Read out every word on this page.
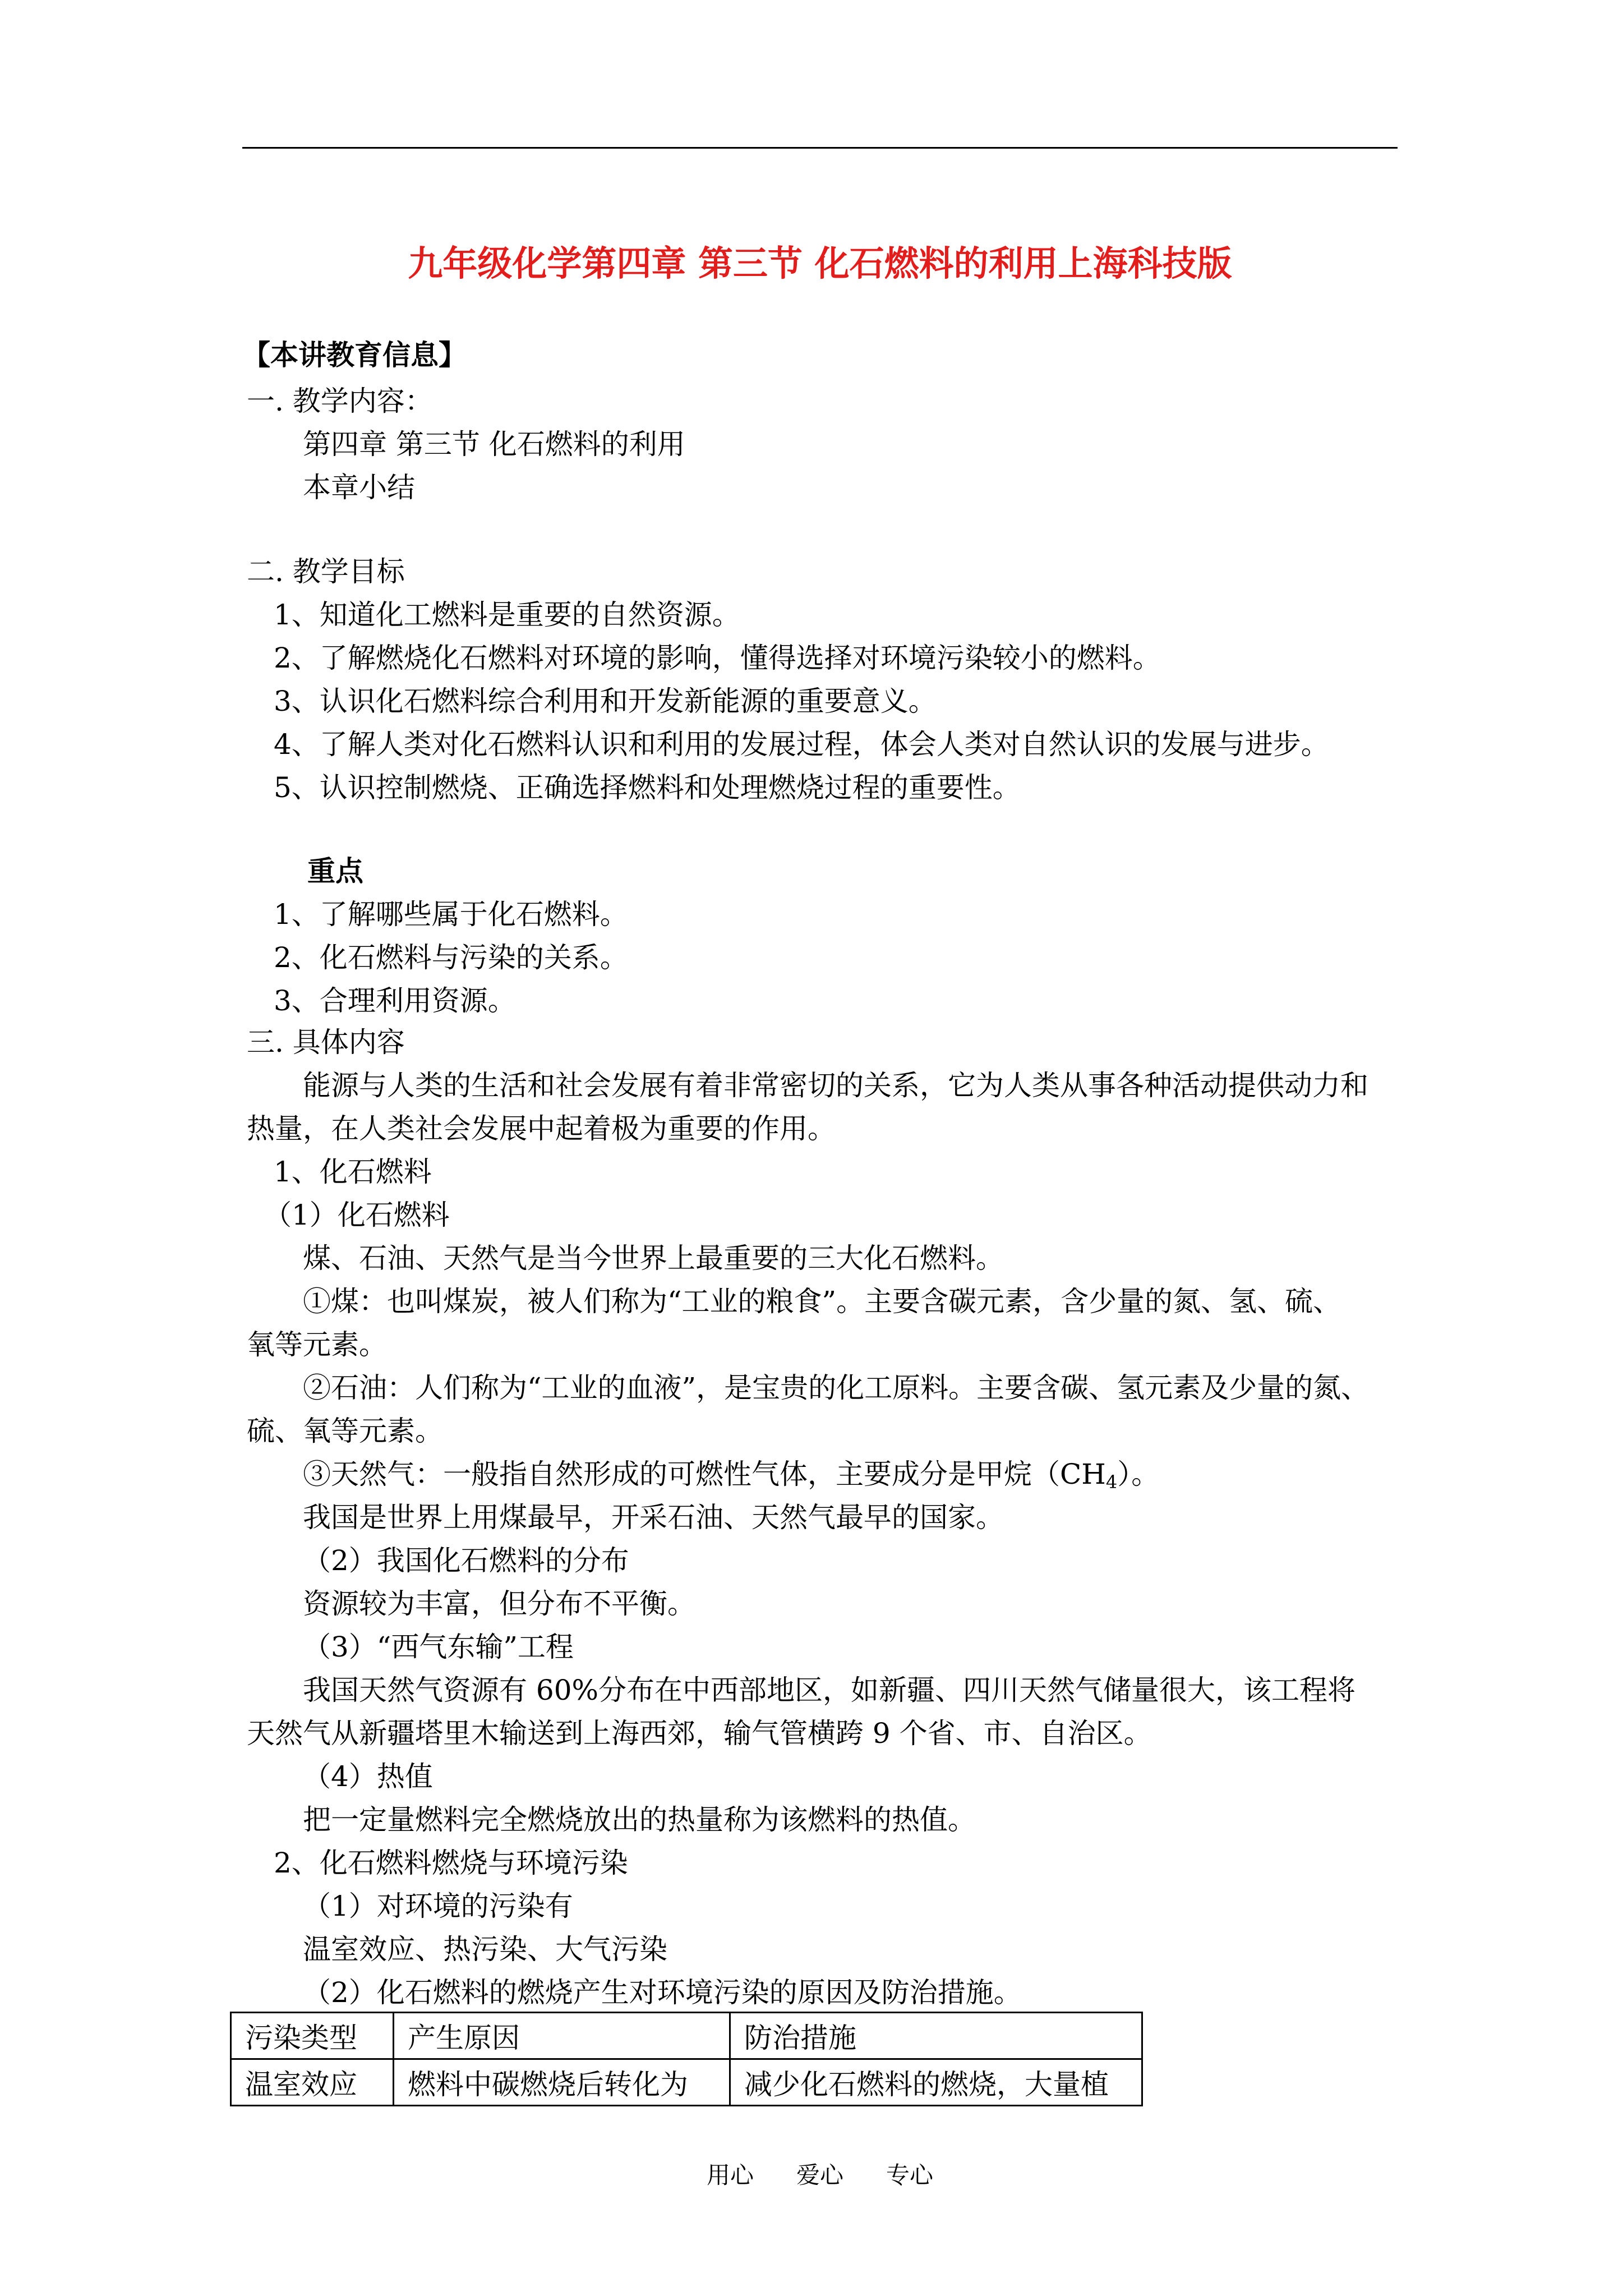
九年级化学第四章 第三节 化石燃料的利用上海科技版
【本讲教育信息】
一. 教学内容：
第四章 第三节 化石燃料的利用
本章小结
二. 教学目标
1、知道化工燃料是重要的自然资源。
2、了解燃烧化石燃料对环境的影响，懂得选择对环境污染较小的燃料。
3、认识化石燃料综合利用和开发新能源的重要意义。
4、了解人类对化石燃料认识和利用的发展过程，体会人类对自然认识的发展与进步。
5、认识控制燃烧、正确选择燃料和处理燃烧过程的重要性。
重点
1、了解哪些属于化石燃料。
2、化石燃料与污染的关系。
3、合理利用资源。
三. 具体内容
能源与人类的生活和社会发展有着非常密切的关系，它为人类从事各种活动提供动力和
热量，在人类社会发展中起着极为重要的作用。
1、化石燃料
（1）化石燃料
煤、石油、天然气是当今世界上最重要的三大化石燃料。
①煤：也叫煤炭，被人们称为“工业的粮食”。主要含碳元素，含少量的氮、氢、硫、
氧等元素。
②石油：人们称为“工业的血液”，是宝贵的化工原料。主要含碳、氢元素及少量的氮、
硫、氧等元素。
③天然气：一般指自然形成的可燃性气体，主要成分是甲烷$(CH_4)$。
我国是世界上用煤最早，开采石油、天然气最早的国家。
（2）我国化石燃料的分布
资源较为丰富，但分布不平衡。
（3）“西气东输”工程
我国天然气资源有 60%分布在中西部地区，如新疆、四川天然气储量很大，该工程将
天然气从新疆塔里木输送到上海西郊，输气管横跨 9 个省、市、自治区。
（4）热值
把一定量燃料完全燃烧放出的热量称为该燃料的热值。
2、化石燃料燃烧与环境污染
（1）对环境的污染有
温室效应、热污染、大气污染
（2）化石燃料的燃烧产生对环境污染的原因及防治措施。
污染类型	产生原因	防治措施
温室效应	燃料中碳燃烧后转化为	减少化石燃料的燃烧，大量植
用心 爱心 专心
